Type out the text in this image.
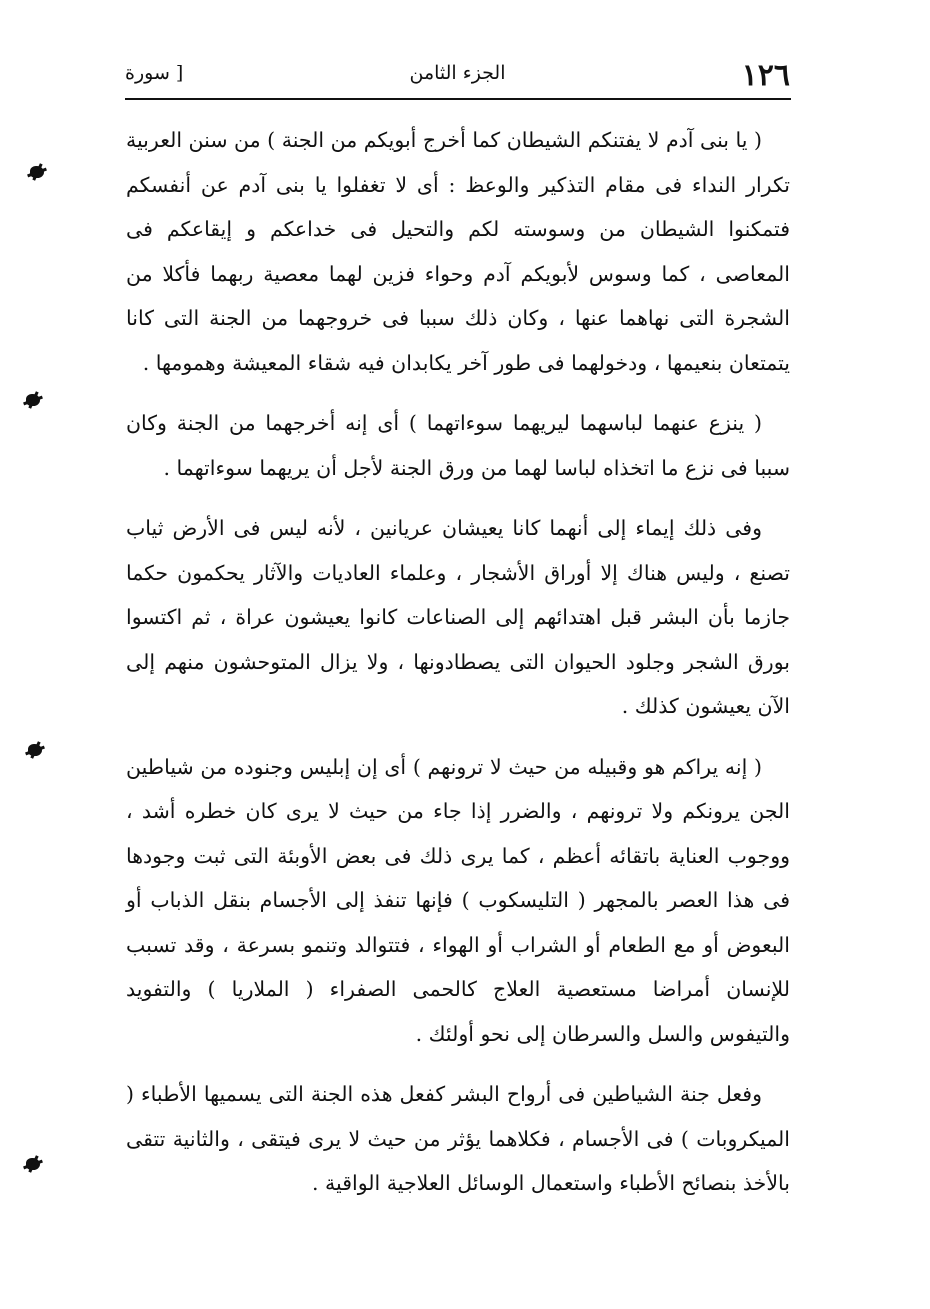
١٢٦
الجزء الثامن
[ سورة

( يا بنى آدم لا يفتنكم الشيطان كما أخرج أبويكم من الجنة ) من سنن العربية تكرار النداء فى مقام التذكير والوعظ : أى لا تغفلوا يا بنى آدم عن أنفسكم فتمكنوا الشيطان من وسوسته لكم والتحيل فى خداعكم و إيقاعكم فى المعاصى ، كما وسوس لأبويكم آدم وحواء فزين لهما معصية ربهما فأكلا من الشجرة التى نهاهما عنها ، وكان ذلك سببا فى خروجهما من الجنة التى كانا يتمتعان بنعيمها ، ودخولهما فى طور آخر يكابدان فيه شقاء المعيشة وهمومها .

( ينزع عنهما لباسهما ليريهما سوءاتهما ) أى إنه أخرجهما من الجنة وكان سببا فى نزع ما اتخذاه لباسا لهما من ورق الجنة لأجل أن يريهما سوءاتهما .

وفى ذلك إيماء إلى أنهما كانا يعيشان عريانين ، لأنه ليس فى الأرض ثياب تصنع ، وليس هناك إلا أوراق الأشجار ، وعلماء العاديات والآثار يحكمون حكما جازما بأن البشر قبل اهتدائهم إلى الصناعات كانوا يعيشون عراة ، ثم اكتسوا بورق الشجر وجلود الحيوان التى يصطادونها ، ولا يزال المتوحشون منهم إلى الآن يعيشون كذلك .

( إنه يراكم هو وقبيله من حيث لا ترونهم ) أى إن إبليس وجنوده من شياطين الجن يرونكم ولا ترونهم ، والضرر إذا جاء من حيث لا يرى كان خطره أشد ، ووجوب العناية باتقائه أعظم ، كما يرى ذلك فى بعض الأوبئة التى ثبت وجودها فى هذا العصر بالمجهر ( التليسكوب ) فإنها تنفذ إلى الأجسام بنقل الذباب أو البعوض أو مع الطعام أو الشراب أو الهواء ، فتتوالد وتنمو بسرعة ، وقد تسبب للإنسان أمراضا مستعصية العلاج كالحمى الصفراء ( الملاريا ) والتفويد والتيفوس والسل والسرطان إلى نحو أولئك .

وفعل جنة الشياطين فى أرواح البشر كفعل هذه الجنة التى يسميها الأطباء ( الميكروبات ) فى الأجسام ، فكلاهما يؤثر من حيث لا يرى فيتقى ، والثانية تتقى بالأخذ بنصائح الأطباء واستعمال الوسائل العلاجية الواقية .
